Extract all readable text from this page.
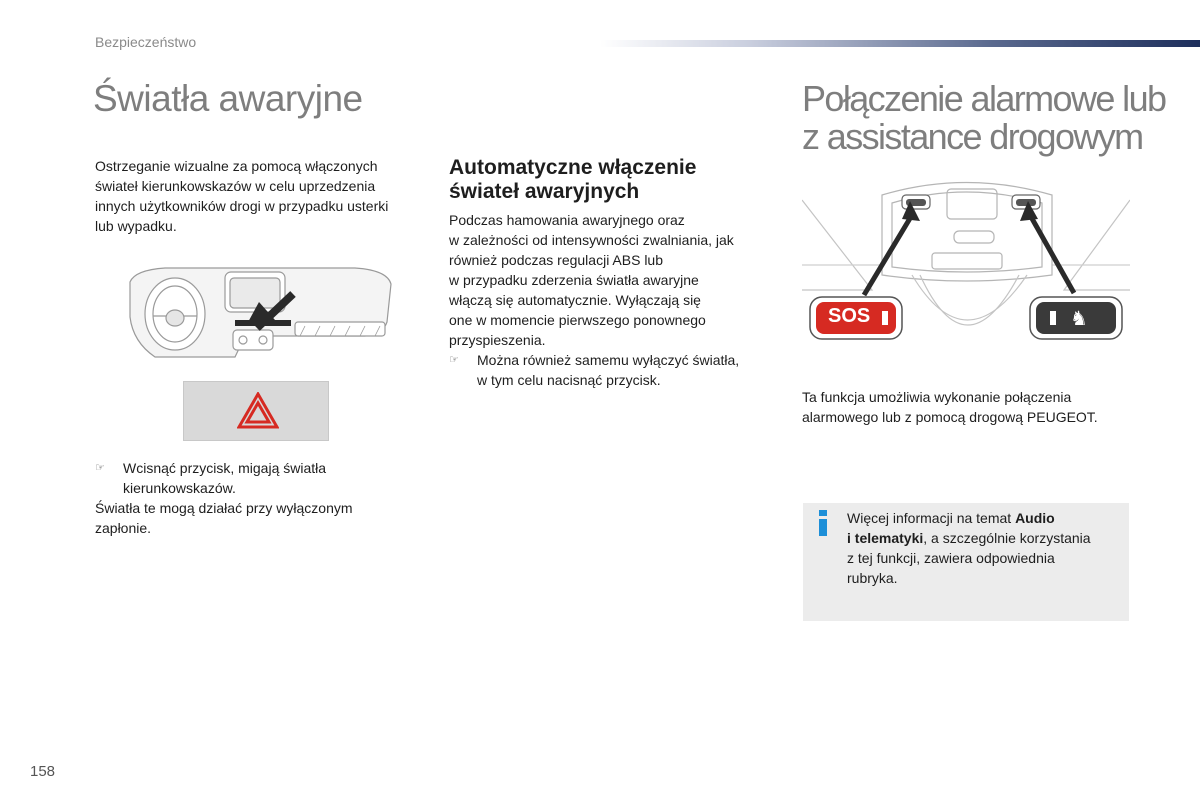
Bezpieczeństwo
Światła awaryjne	Połączenie alarmowe lub
z assistance drogowym

Ostrzeganie wizualne za pomocą włączonych
świateł kierunkowskazów w celu uprzedzenia
innych użytkowników drogi w przypadku usterki
lub wypadku.

☞	Wcisnąć przycisk, migają światła
kierunkowskazów.

Światła te mogą działać przy wyłączonym
zapłonie.

Automatyczne włączenie
świateł awaryjnych

Podczas hamowania awaryjnego oraz
w zależności od intensywności zwalniania, jak
również podczas regulacji ABS lub
w przypadku zderzenia światła awaryjne
włączą się automatycznie. Wyłączają się
one w momencie pierwszego ponownego
przyspieszenia.

☞	Można również samemu wyłączyć światła,
w tym celu nacisnąć przycisk.
SOS	♞

Ta funkcja umożliwia wykonanie połączenia
alarmowego lub z pomocą drogową PEUGEOT.

Więcej informacji na temat Audio
i telematyki, a szczególnie korzystania
z tej funkcji, zawiera odpowiednia
rubryka.
158
